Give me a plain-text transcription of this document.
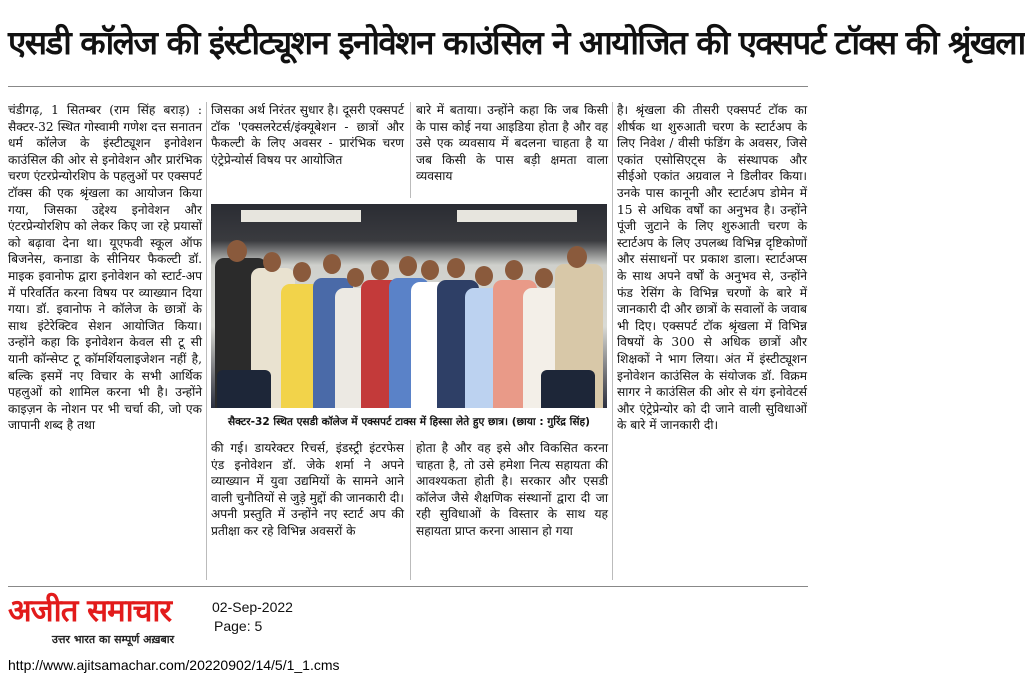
एसडी कॉलेज की इंस्टीट्यूशन इनोवेशन काउंसिल ने आयोजित की एक्सपर्ट टॉक्स की श्रृंखला

चंडीगढ़, 1 सितम्बर (राम सिंह बराड़) : सैक्टर-32 स्थित गोस्वामी गणेश दत्त सनातन धर्म कॉलेज के इंस्टीट्यूशन इनोवेशन काउंसिल की ओर से इनोवेशन और प्रारंभिक चरण एंटरप्रेन्योरशिप के पहलुओं पर एक्सपर्ट टॉक्स की एक श्रृंखला का आयोजन किया गया, जिसका उद्देश्य इनोवेशन और एंटरप्रेन्योरशिप को लेकर किए जा रहे प्रयासों को बढ़ावा देना था। यूएफवी स्कूल ऑफ बिजनेस, कनाडा के सीनियर फैकल्टी डॉ. माइक इवानोफ द्वारा इनोवेशन को स्टार्ट-अप में परिवर्तित करना विषय पर व्याख्यान दिया गया। डॉ. इवानोफ ने कॉलेज के छात्रों के साथ इंटेरेक्टिव सेशन आयोजित किया। उन्होंने कहा कि इनोवेशन केवल सी टू सी यानी कॉन्सेप्ट टू कॉमर्शियलाइजेशन नहीं है, बल्कि इसमें नए विचार के सभी आर्थिक पहलुओं को शामिल करना भी है। उन्होंने काइज़न के नोशन पर भी चर्चा की, जो एक जापानी शब्द है तथा

जिसका अर्थ निरंतर सुधार है। दूसरी एक्सपर्ट टॉक 'एक्सलरेटर्स/इंक्यूबेशन - छात्रों और फैकल्टी के लिए अवसर - प्रारंभिक चरण एंट्रेप्रेन्योर्स विषय पर आयोजित

बारे में बताया। उन्होंने कहा कि जब किसी के पास कोई नया आइडिया होता है और वह उसे एक व्यवसाय में बदलना चाहता है या जब किसी के पास बड़ी क्षमता वाला व्यवसाय

है। श्रृंखला की तीसरी एक्सपर्ट टॉक का शीर्षक था शुरुआती चरण के स्टार्टअप के लिए निवेश / वीसी फंडिंग के अवसर, जिसे एकांत एसोसिएट्स के संस्थापक और सीईओ एकांत अग्रवाल ने डिलीवर किया। उनके पास कानूनी और स्टार्टअप डोमेन में 15 से अधिक वर्षों का अनुभव है। उन्होंने पूंजी जुटाने के लिए शुरुआती चरण के स्टार्टअप के लिए उपलब्ध विभिन्न दृष्टिकोणों और संसाधनों पर प्रकाश डाला। स्टार्टअप्स के साथ अपने वर्षों के अनुभव से, उन्होंने फंड रेसिंग के विभिन्न चरणों के बारे में जानकारी दी और छात्रों के सवालों के जवाब भी दिए। एक्सपर्ट टॉक श्रृंखला में विभिन्न विषयों के 300 से अधिक छात्रों और शिक्षकों ने भाग लिया। अंत में इंस्टीट्यूशन इनोवेशन काउंसिल के संयोजक डॉ. विक्रम सागर ने काउंसिल की ओर से यंग इनोवेटर्स और एंट्रेप्रेन्योर को दी जाने वाली सुविधाओं के बारे में जानकारी दी।

सैक्टर-32 स्थित एसडी कॉलेज में एक्सपर्ट टाक्स में हिस्सा लेते हुए छात्र। (छाया : गुरिंद्र सिंह)

की गई। डायरेक्टर रिचर्स, इंडस्ट्री इंटरफेस एंड इनोवेशन डॉ. जेके शर्मा ने अपने व्याख्यान में युवा उद्यमियों के सामने आने वाली चुनौतियों से जुड़े मुद्दों की जानकारी दी। अपनी प्रस्तुति में उन्होंने नए स्टार्ट अप की प्रतीक्षा कर रहे विभिन्न अवसरों के

होता है और वह इसे और विकसित करना चाहता है, तो उसे हमेशा नित्य सहायता की आवश्यकता होती है। सरकार और एसडी कॉलेज जैसे शैक्षणिक संस्थानों द्वारा दी जा रही सुविधाओं के विस्तार के साथ यह सहायता प्राप्त करना आसान हो गया

अजीत समाचार
उत्तर भारत का सम्पूर्ण अख़बार
02-Sep-2022
Page: 5
http://www.ajitsamachar.com/20220902/14/5/1_1.cms
